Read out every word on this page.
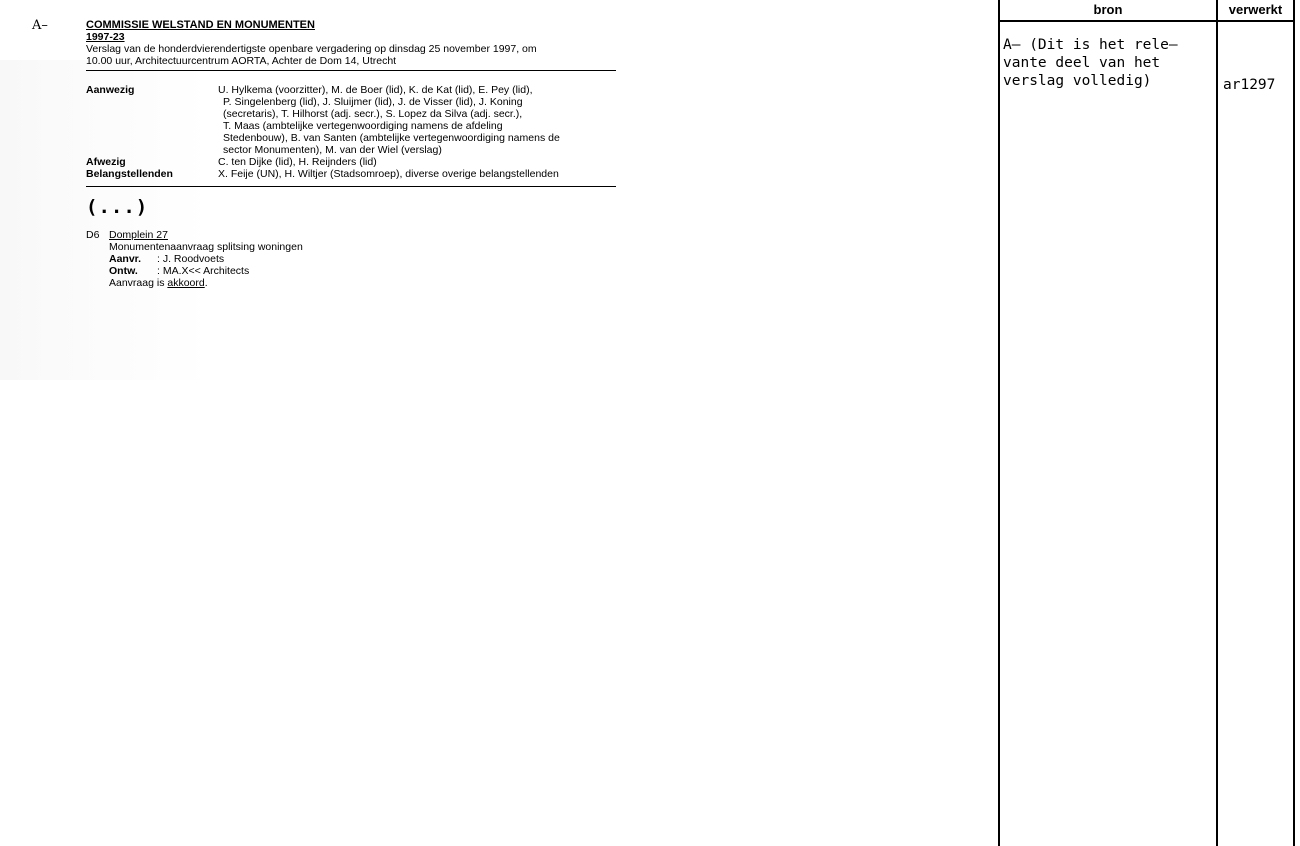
A–	COMMISSIE WELSTAND EN MONUMENTEN
1997-23
Verslag van de honderdvierendertigste openbare vergadering op dinsdag 25 november 1997, om
10.00 uur, Architectuurcentrum AORTA, Achter de Dom 14, Utrecht
Aanwezig	U. Hylkema (voorzitter), M. de Boer (lid), K. de Kat (lid), E. Pey (lid),
P. Singelenberg (lid), J. Sluijmer (lid), J. de Visser (lid), J. Koning
(secretaris), T. Hilhorst (adj. secr.), S. Lopez da Silva (adj. secr.),
T. Maas (ambtelijke vertegenwoordiging namens de afdeling
Stedenbouw), B. van Santen (ambtelijke vertegenwoordiging namens de
sector Monumenten), M. van der Wiel (verslag)
Afwezig	C. ten Dijke (lid), H. Reijnders (lid)
Belangstellenden	X. Feije (UN), H. Wiltjer (Stadsomroep), diverse overige belangstellenden
(...)
D6 Domplein 27
Monumentenaanvraag splitsing woningen
Aanvr.	: J. Roodvoets
Ontw.	: MA.X<< Architects
Aanvraag is akkoord.
bron	verwerkt
A– (Dit is het rele–
vante deel van het
verslag volledig)	ar1297
